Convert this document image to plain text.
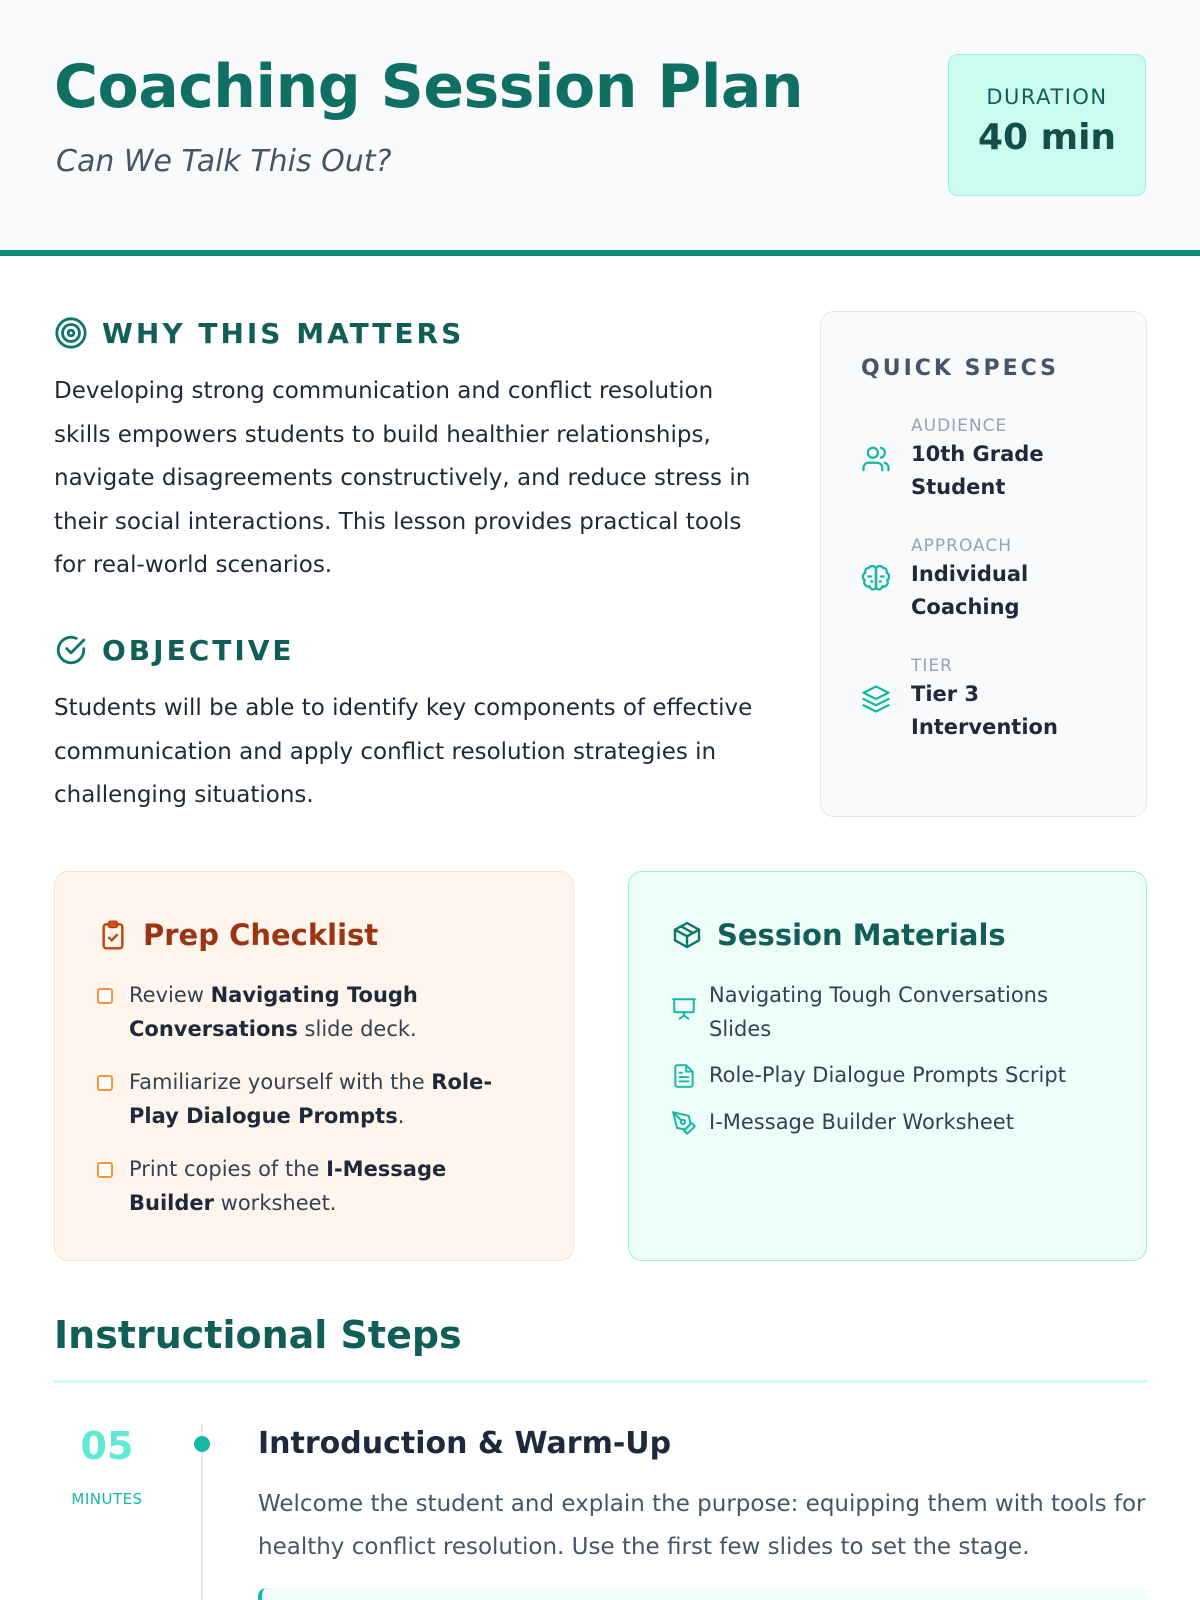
Coaching Session Plan
Can We Talk This Out?
DURATION
40 min
WHY THIS MATTERS

Developing strong communication and conflict resolution skills empowers students to build healthier relationships, navigate disagreements constructively, and reduce stress in their social interactions. This lesson provides practical tools for real-world scenarios.

OBJECTIVE

Students will be able to identify key components of effective communication and apply conflict resolution strategies in challenging situations.

QUICK SPECS
AUDIENCE
10th Grade Student
APPROACH
Individual Coaching
TIER
Tier 3 Intervention
Prep Checklist
Review Navigating Tough Conversations slide deck.
Familiarize yourself with the Role-Play Dialogue Prompts.
Print copies of the I-Message Builder worksheet.
Session Materials
Navigating Tough Conversations Slides
Role-Play Dialogue Prompts Script
I-Message Builder Worksheet
Instructional Steps
05
MINUTES
Introduction & Warm-Up

Welcome the student and explain the purpose: equipping them with tools for healthy conflict resolution. Use the first few slides to set the stage.
